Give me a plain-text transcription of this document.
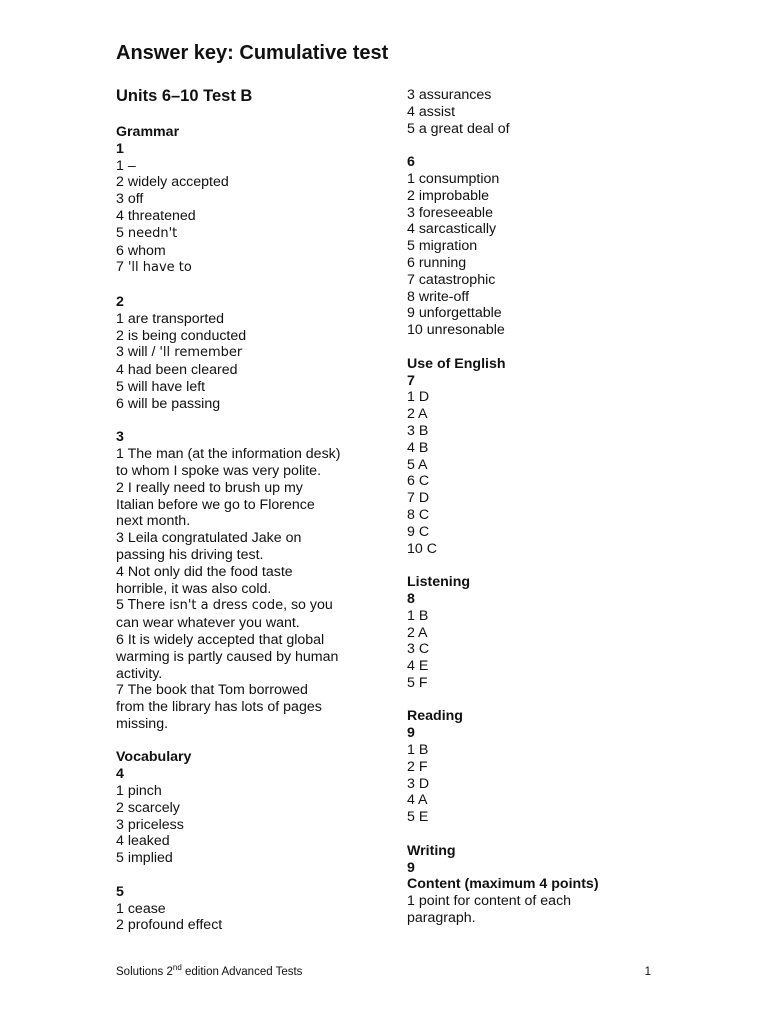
Answer key: Cumulative test
Units 6–10 Test B
Grammar
1
1 –
2 widely accepted
3 off
4 threatened
5 needn't
6 whom
7 'll have to
2
1 are transported
2 is being conducted
3 will / 'll remember
4 had been cleared
5 will have left
6 will be passing
3
1 The man (at the information desk)
to whom I spoke was very polite.
2 I really need to brush up my
Italian before we go to Florence
next month.
3 Leila congratulated Jake on
passing his driving test.
4 Not only did the food taste
horrible, it was also cold.
5 There isn't a dress code, so you
can wear whatever you want.
6 It is widely accepted that global
warming is partly caused by human
activity.
7 The book that Tom borrowed
from the library has lots of pages
missing.
Vocabulary
4
1 pinch
2 scarcely
3 priceless
4 leaked
5 implied
5
1 cease
2 profound effect
3 assurances
4 assist
5 a great deal of
6
1 consumption
2 improbable
3 foreseeable
4 sarcastically
5 migration
6 running
7 catastrophic
8 write-off
9 unforgettable
10 unresonable
Use of English
7
1 D
2 A
3 B
4 B
5 A
6 C
7 D
8 C
9 C
10 C
Listening
8
1 B
2 A
3 C
4 E
5 F
Reading
9
1 B
2 F
3 D
4 A
5 E
Writing
9
Content (maximum 4 points)
1 point for content of each
paragraph.
Solutions 2nd edition Advanced Tests	1
